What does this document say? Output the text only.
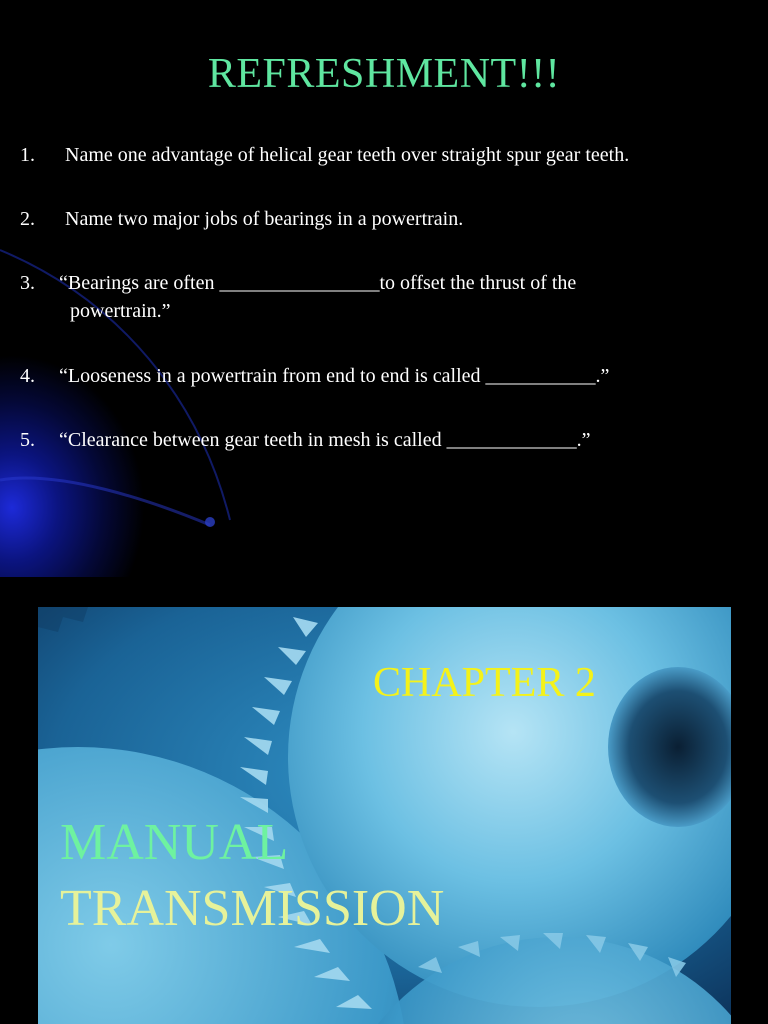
REFRESHMENT!!!
1.	Name one advantage of helical gear teeth over straight spur gear teeth.
2.	Name two major jobs of bearings in a powertrain.
3.	“Bearings are often ________________to offset the thrust of the
powertrain.”
4.	“Looseness in a powertrain from end to end is called ___________.”
5.	“Clearance between gear teeth in mesh is called _____________.”
CHAPTER 2
MANUAL
TRANSMISSION
